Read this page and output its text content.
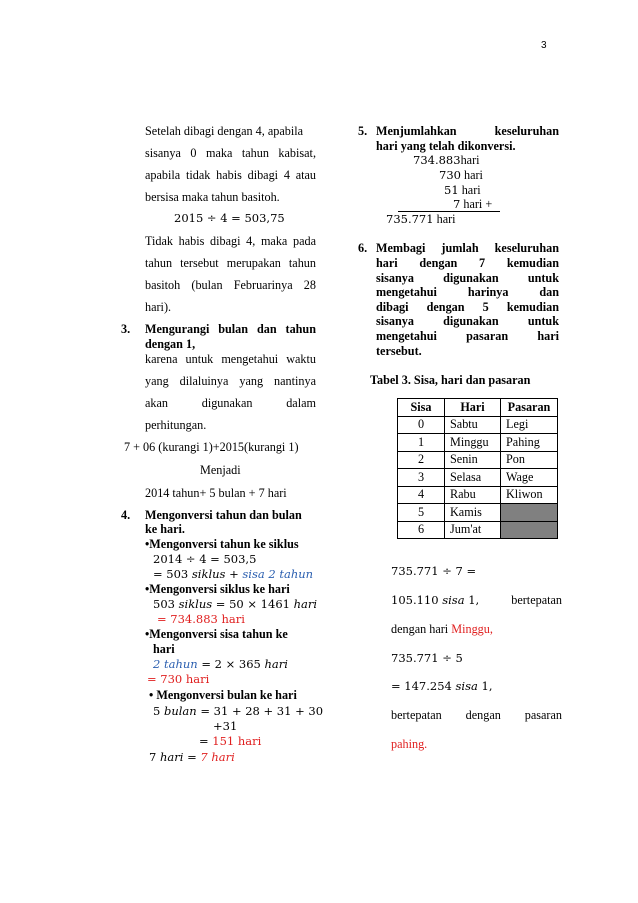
3
Setelah dibagi dengan 4, apabila
sisanya 0 maka tahun kabisat,
apabila tidak habis dibagi 4 atau
bersisa maka tahun basitoh.
2015 ÷ 4 = 503,75
Tidak habis dibagi 4, maka pada
tahun tersebut merupakan tahun
basitoh (bulan Februarinya 28
hari).
3. Mengurangi bulan dan tahun
dengan 1,
karena untuk mengetahui waktu
yang dilaluinya yang nantinya
akan digunakan dalam
perhitungan.
7 + 06 (kurangi 1)+2015(kurangi 1)
Menjadi
2014 tahun+ 5 bulan + 7 hari
4. Mengonversi tahun dan bulan
ke hari.
•Mengonversi tahun ke siklus
2014 ÷ 4 = 503,5
= 503 siklus + sisa 2 tahun
•Mengonversi siklus ke hari
503 siklus = 50 × 1461 hari
= 734.883 hari
•Mengonversi sisa tahun ke
hari
2 tahun = 2 × 365 hari
= 730 hari
• Mengonversi bulan ke hari
5 bulan = 31 + 28 + 31 + 30
+31
= 151 hari
7 hari = 7 hari
5. Menjumlahkan keseluruhan
hari yang telah dikonversi.
734.883hari
730 hari
51 hari
7 hari +
735.771 hari
6. Membagi jumlah keseluruhan
hari dengan 7 kemudian
sisanya digunakan untuk
mengetahui harinya dan
dibagi dengan 5 kemudian
sisanya digunakan untuk
mengetahui pasaran hari
tersebut.
Tabel 3. Sisa, hari dan pasaran
Sisa	Hari	Pasaran
0	Sabtu	Legi
1	Minggu	Pahing
2	Senin	Pon
3	Selasa	Wage
4	Rabu	Kliwon
5	Kamis	
6	Jum'at	
735.771 ÷ 7 =
105.110 sisa 1,	bertepatan
dengan hari Minggu,
735.771 ÷ 5
= 147.254 sisa 1,
bertepatan dengan pasaran
pahing.
